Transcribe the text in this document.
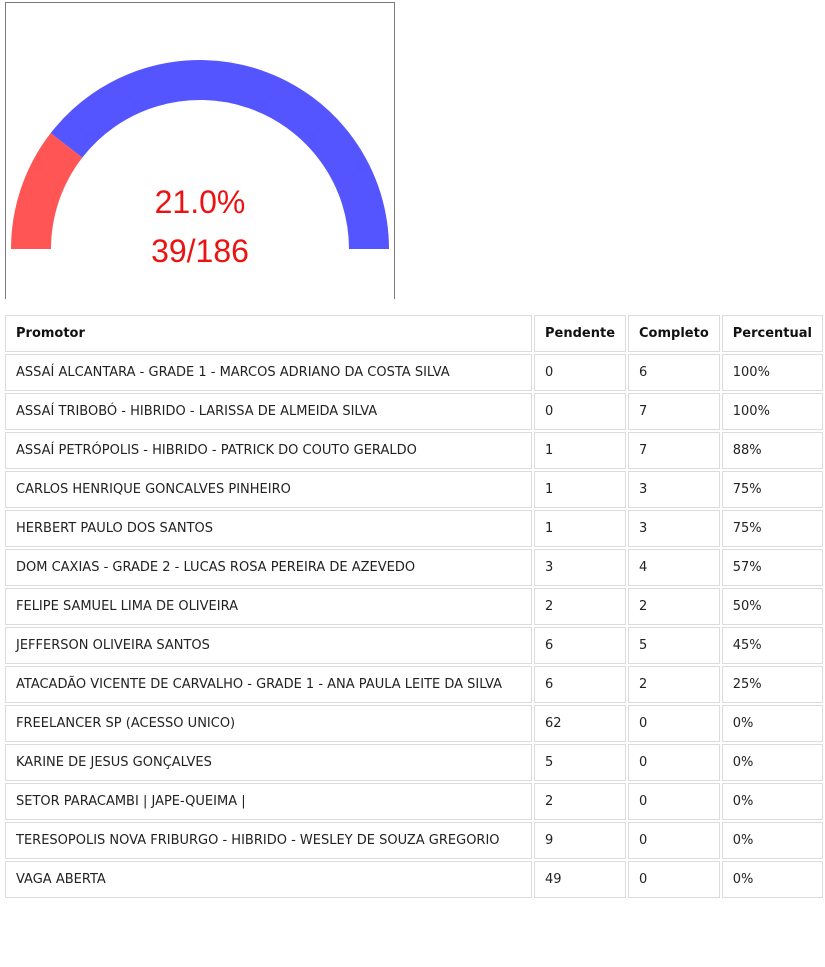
21.0%
39/186
Promotor	Pendente	Completo	Percentual
ASSAÍ ALCANTARA - GRADE 1 - MARCOS ADRIANO DA COSTA SILVA	0	6	100%
ASSAÍ TRIBOBÓ - HIBRIDO - LARISSA DE ALMEIDA SILVA	0	7	100%
ASSAÍ PETRÓPOLIS - HIBRIDO - PATRICK DO COUTO GERALDO	1	7	88%
CARLOS HENRIQUE GONCALVES PINHEIRO	1	3	75%
HERBERT PAULO DOS SANTOS	1	3	75%
DOM CAXIAS - GRADE 2 - LUCAS ROSA PEREIRA DE AZEVEDO	3	4	57%
FELIPE SAMUEL LIMA DE OLIVEIRA	2	2	50%
JEFFERSON OLIVEIRA SANTOS	6	5	45%
ATACADÃO VICENTE DE CARVALHO - GRADE 1 - ANA PAULA LEITE DA SILVA	6	2	25%
FREELANCER SP (ACESSO UNICO)	62	0	0%
KARINE DE JESUS GONÇALVES	5	0	0%
SETOR PARACAMBI | JAPE-QUEIMA |	2	0	0%
TERESOPOLIS NOVA FRIBURGO - HIBRIDO - WESLEY DE SOUZA GREGORIO	9	0	0%
VAGA ABERTA	49	0	0%
